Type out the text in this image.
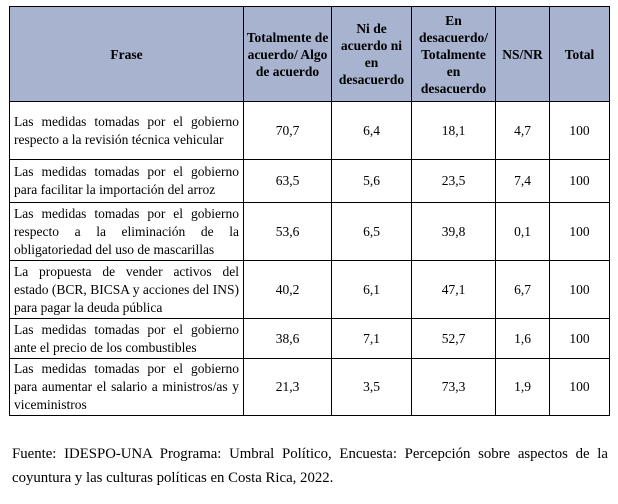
Frase	Totalmente de acuerdo/ Algo de acuerdo	Ni de acuerdo ni en desacuerdo	En desacuerdo/ Totalmente en desacuerdo	NS/NR	Total
Las medidas tomadas por el gobierno respecto a la revisión técnica vehicular	70,7	6,4	18,1	4,7	100
Las medidas tomadas por el gobierno para facilitar la importación del arroz	63,5	5,6	23,5	7,4	100
Las medidas tomadas por el gobierno respecto a la eliminación de la obligatoriedad del uso de mascarillas	53,6	6,5	39,8	0,1	100
La propuesta de vender activos del estado (BCR, BICSA y acciones del INS) para pagar la deuda pública	40,2	6,1	47,1	6,7	100
Las medidas tomadas por el gobierno ante el precio de los combustibles	38,6	7,1	52,7	1,6	100
Las medidas tomadas por el gobierno para aumentar el salario a ministros/as y viceministros	21,3	3,5	73,3	1,9	100
Fuente: IDESPO-UNA Programa: Umbral Político, Encuesta: Percepción sobre aspectos de la coyuntura y las culturas políticas en Costa Rica, 2022.
